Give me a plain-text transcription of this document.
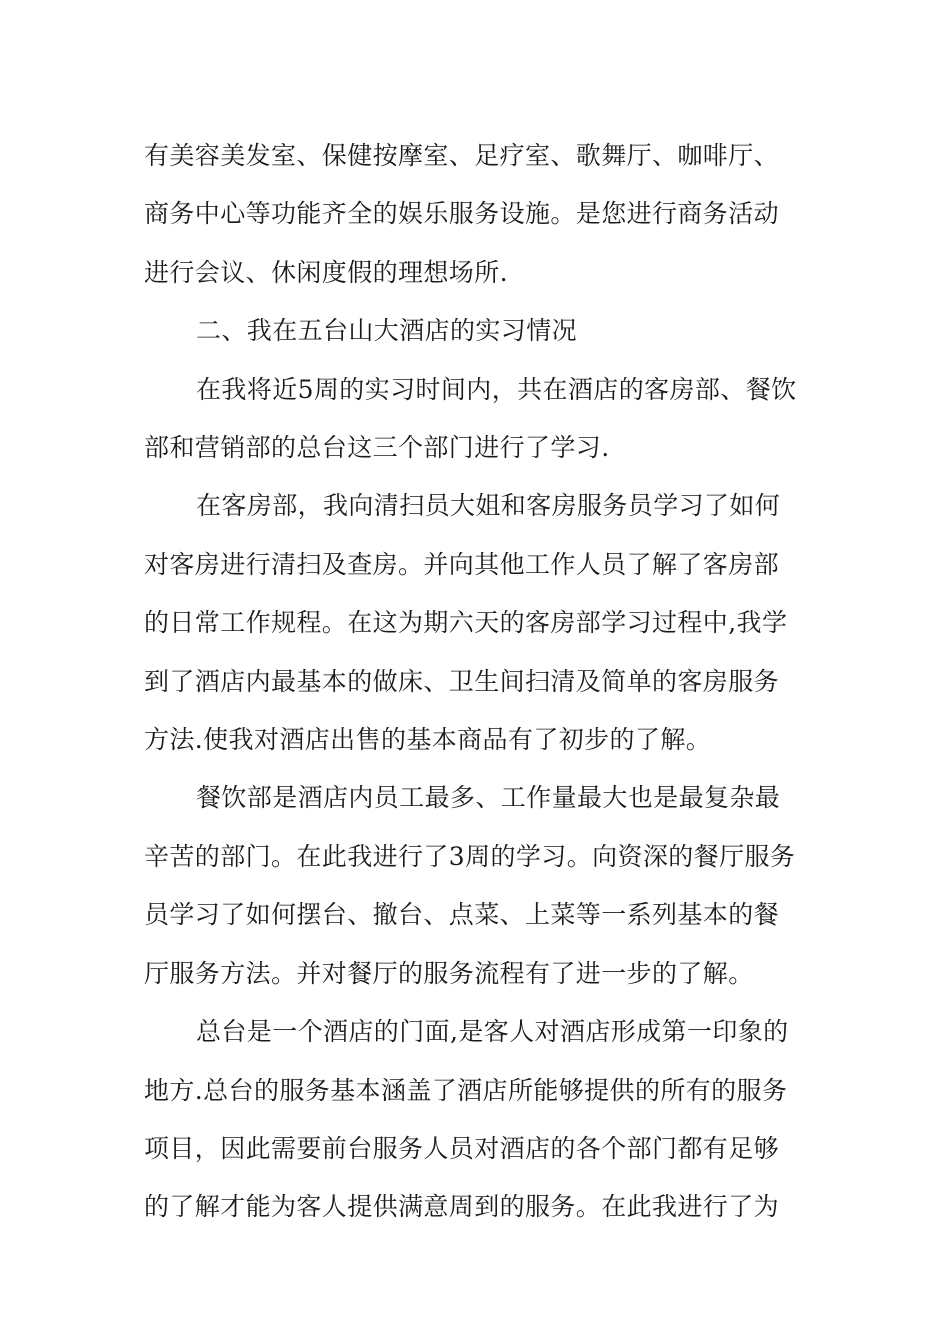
有美容美发室、保健按摩室、足疗室、歌舞厅、咖啡厅、
商务中心等功能齐全的娱乐服务设施。是您进行商务活动
进行会议、休闲度假的理想场所.
二、我在五台山大酒店的实习情况
在我将近5周的实习时间内，共在酒店的客房部、餐饮
部和营销部的总台这三个部门进行了学习.
在客房部，我向清扫员大姐和客房服务员学习了如何
对客房进行清扫及查房。并向其他工作人员了解了客房部
的日常工作规程。在这为期六天的客房部学习过程中,我学
到了酒店内最基本的做床、卫生间扫清及简单的客房服务
方法.使我对酒店出售的基本商品有了初步的了解。
餐饮部是酒店内员工最多、工作量最大也是最复杂最
辛苦的部门。在此我进行了3周的学习。向资深的餐厅服务
员学习了如何摆台、撤台、点菜、上菜等一系列基本的餐
厅服务方法。并对餐厅的服务流程有了进一步的了解。
总台是一个酒店的门面,是客人对酒店形成第一印象的
地方.总台的服务基本涵盖了酒店所能够提供的所有的服务
项目，因此需要前台服务人员对酒店的各个部门都有足够
的了解才能为客人提供满意周到的服务。在此我进行了为
